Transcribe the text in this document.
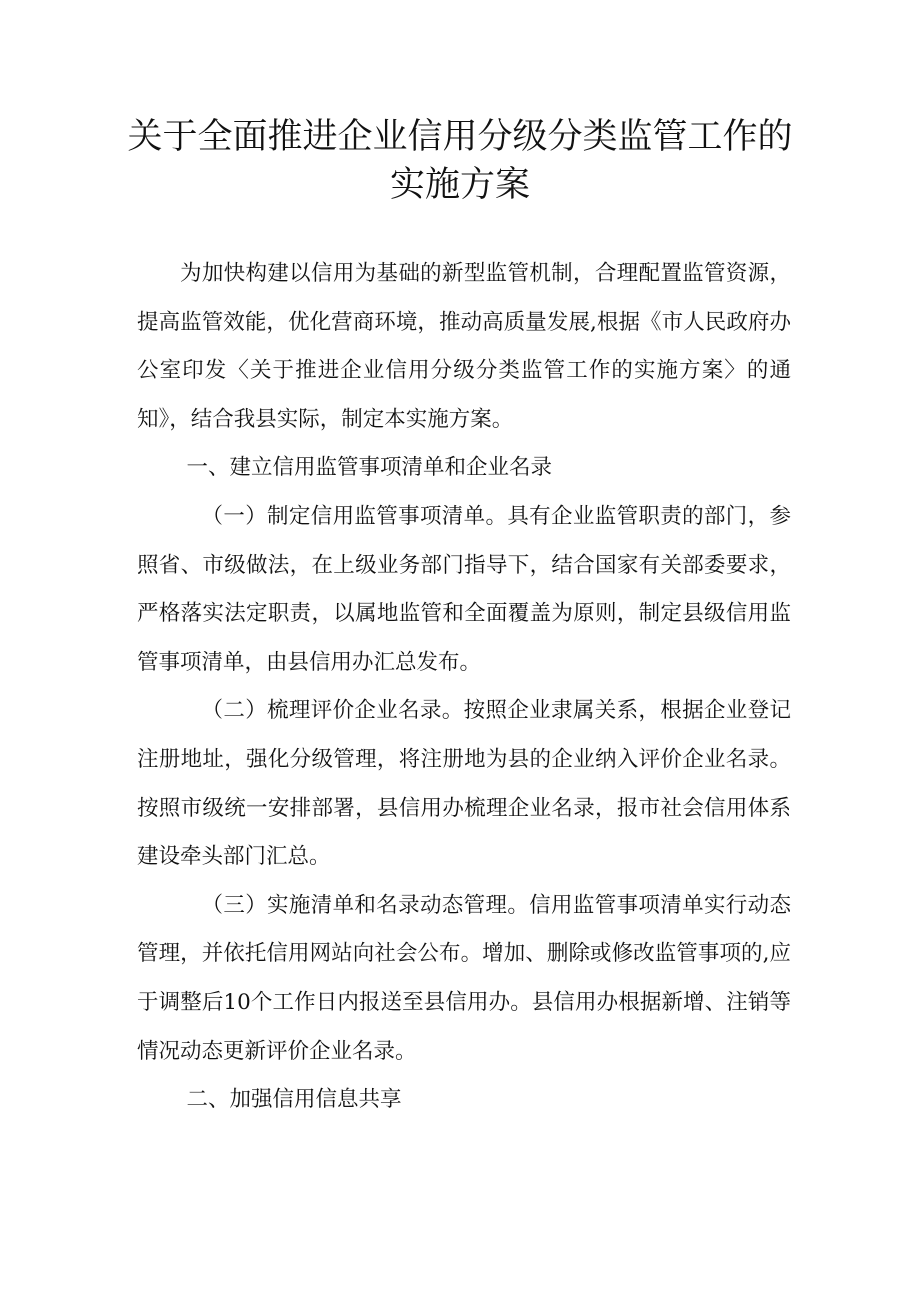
关于全面推进企业信用分级分类监管工作的
实施方案

为加快构建以信用为基础的新型监管机制，合理配置监管资源，提高监管效能，优化营商环境，推动高质量发展,根据《市人民政府办公室印发〈关于推进企业信用分级分类监管工作的实施方案〉的通知》，结合我县实际，制定本实施方案。

一、建立信用监管事项清单和企业名录

（一）制定信用监管事项清单。具有企业监管职责的部门，参照省、市级做法，在上级业务部门指导下，结合国家有关部委要求，严格落实法定职责，以属地监管和全面覆盖为原则，制定县级信用监管事项清单，由县信用办汇总发布。

（二）梳理评价企业名录。按照企业隶属关系，根据企业登记注册地址，强化分级管理，将注册地为县的企业纳入评价企业名录。按照市级统一安排部署，县信用办梳理企业名录，报市社会信用体系建设牵头部门汇总。

（三）实施清单和名录动态管理。信用监管事项清单实行动态管理，并依托信用网站向社会公布。增加、删除或修改监管事项的,应于调整后10个工作日内报送至县信用办。县信用办根据新增、注销等情况动态更新评价企业名录。

二、加强信用信息共享
